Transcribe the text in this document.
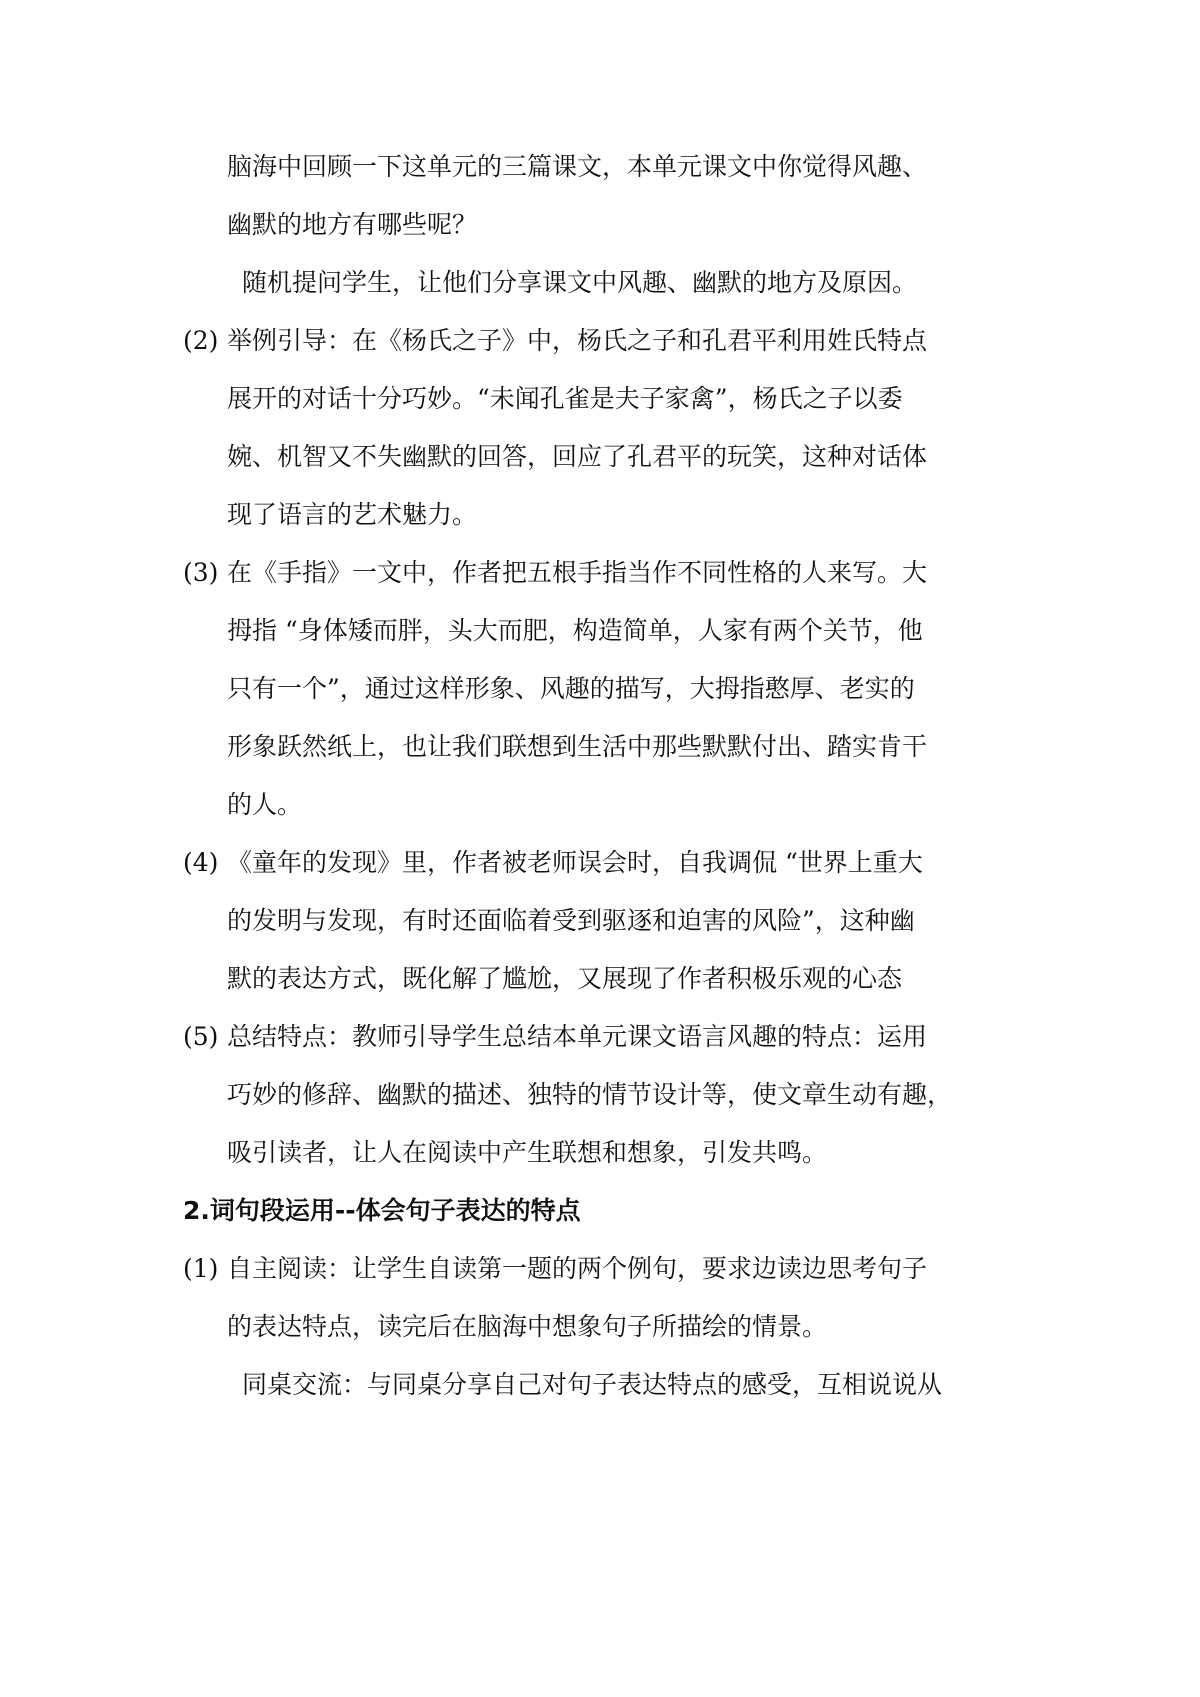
脑海中回顾一下这单元的三篇课文，本单元课文中你觉得风趣、
幽默的地方有哪些呢？
随机提问学生，让他们分享课文中风趣、幽默的地方及原因。
(2) 举例引导：在《杨氏之子》中，杨氏之子和孔君平利用姓氏特点
展开的对话十分巧妙。“未闻孔雀是夫子家禽”，杨氏之子以委
婉、机智又不失幽默的回答，回应了孔君平的玩笑，这种对话体
现了语言的艺术魅力。
(3) 在《手指》一文中，作者把五根手指当作不同性格的人来写。大
拇指 “身体矮而胖，头大而肥，构造简单，人家有两个关节，他
只有一个”，通过这样形象、风趣的描写，大拇指憨厚、老实的
形象跃然纸上，也让我们联想到生活中那些默默付出、踏实肯干
的人。
(4) 《童年的发现》里，作者被老师误会时，自我调侃 “世界上重大
的发明与发现，有时还面临着受到驱逐和迫害的风险”，这种幽
默的表达方式，既化解了尴尬，又展现了作者积极乐观的心态
(5) 总结特点：教师引导学生总结本单元课文语言风趣的特点：运用
巧妙的修辞、幽默的描述、独特的情节设计等，使文章生动有趣，
吸引读者，让人在阅读中产生联想和想象，引发共鸣。
2.词句段运用--体会句子表达的特点
(1) 自主阅读：让学生自读第一题的两个例句，要求边读边思考句子
的表达特点，读完后在脑海中想象句子所描绘的情景。
同桌交流：与同桌分享自己对句子表达特点的感受，互相说说从
